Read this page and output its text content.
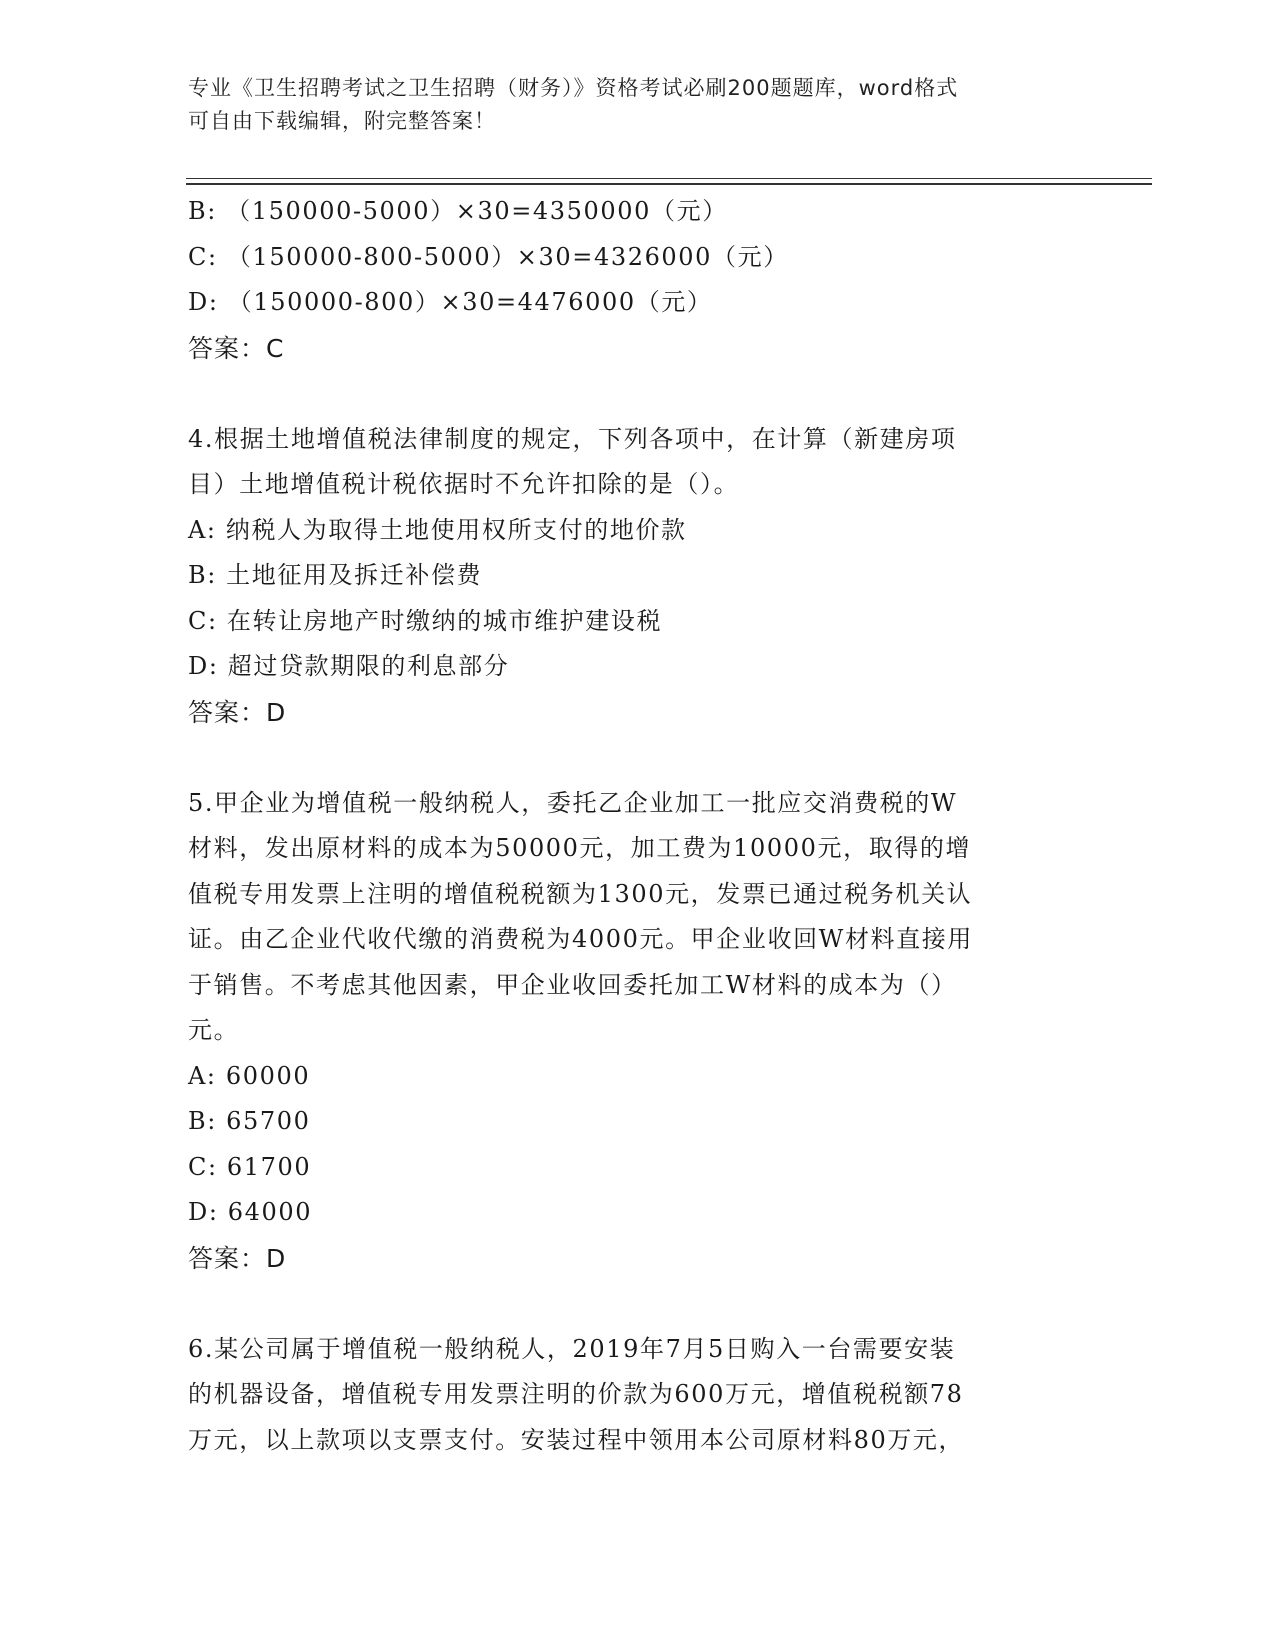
专业《卫生招聘考试之卫生招聘（财务）》资格考试必刷200题题库，word格式
可自由下载编辑，附完整答案！
B: （150000-5000）×30=4350000（元）
C: （150000-800-5000）×30=4326000（元）
D: （150000-800）×30=4476000（元）
答案：C
4.根据土地增值税法律制度的规定，下列各项中，在计算（新建房项
目）土地增值税计税依据时不允许扣除的是（）。
A: 纳税人为取得土地使用权所支付的地价款
B: 土地征用及拆迁补偿费
C: 在转让房地产时缴纳的城市维护建设税
D: 超过贷款期限的利息部分
答案：D
5.甲企业为增值税一般纳税人，委托乙企业加工一批应交消费税的W
材料，发出原材料的成本为50000元，加工费为10000元，取得的增
值税专用发票上注明的增值税税额为1300元，发票已通过税务机关认
证。由乙企业代收代缴的消费税为4000元。甲企业收回W材料直接用
于销售。不考虑其他因素，甲企业收回委托加工W材料的成本为（）
元。
A: 60000
B: 65700
C: 61700
D: 64000
答案：D
6.某公司属于增值税一般纳税人，2019年7月5日购入一台需要安装
的机器设备，增值税专用发票注明的价款为600万元，增值税税额78
万元，以上款项以支票支付。安装过程中领用本公司原材料80万元，
